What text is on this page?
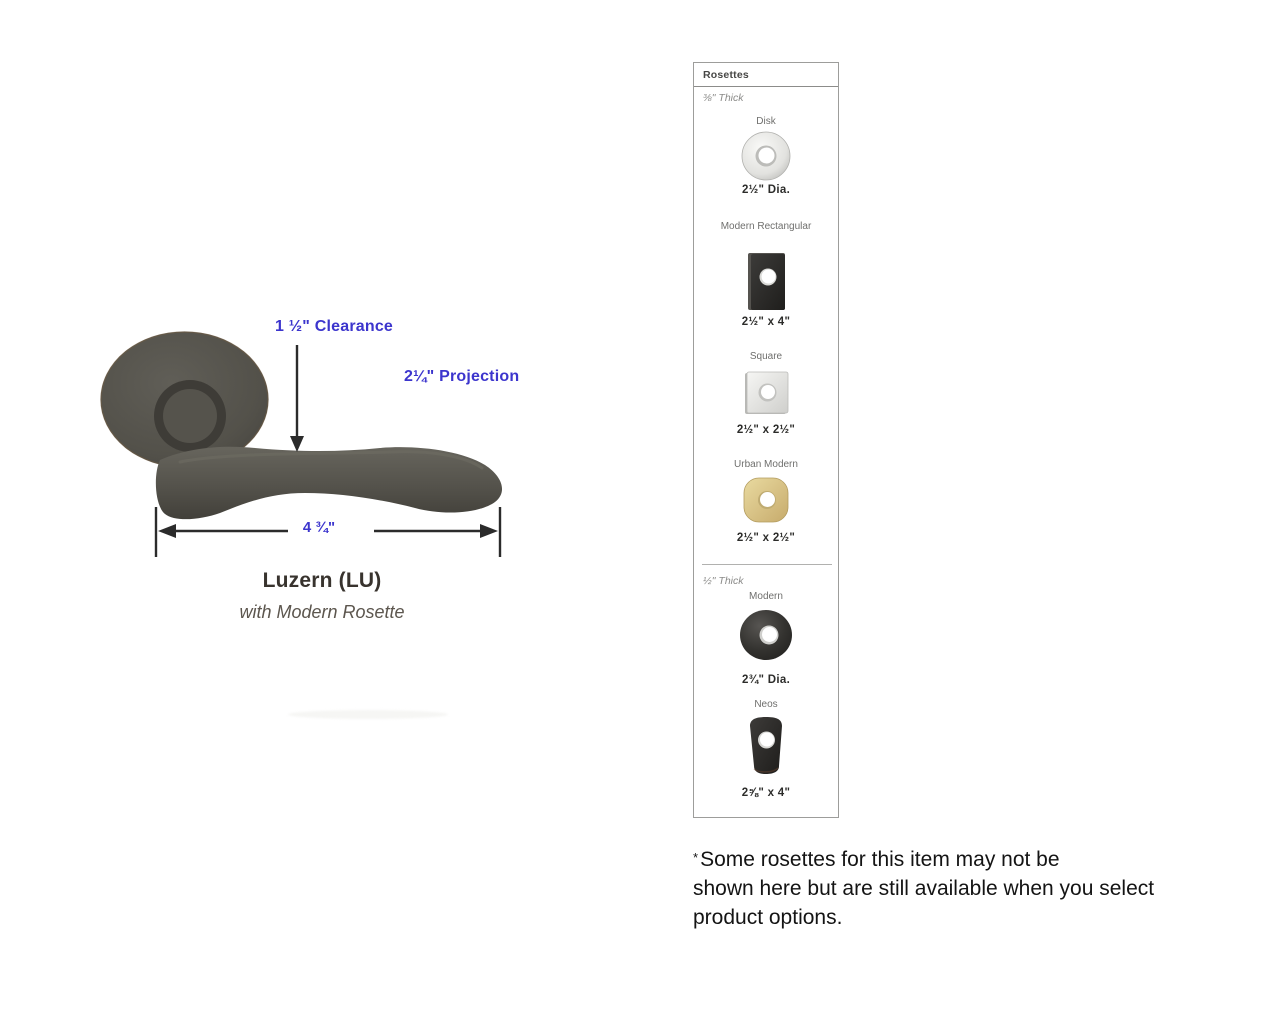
1 ½" Clearance
2¼" Projection
4 ¾"
Luzern (LU)
with Modern Rosette
Rosettes
⅜" Thick
Disk
2½" Dia.
Modern Rectangular
2½" x 4"
Square
2½" x 2½"
Urban Modern
2½" x 2½"
½" Thick
Modern
2¾" Dia.
Neos
2⅝" x 4"
*Some rosettes for this item may not be
shown here but are still available when you select
product options.
